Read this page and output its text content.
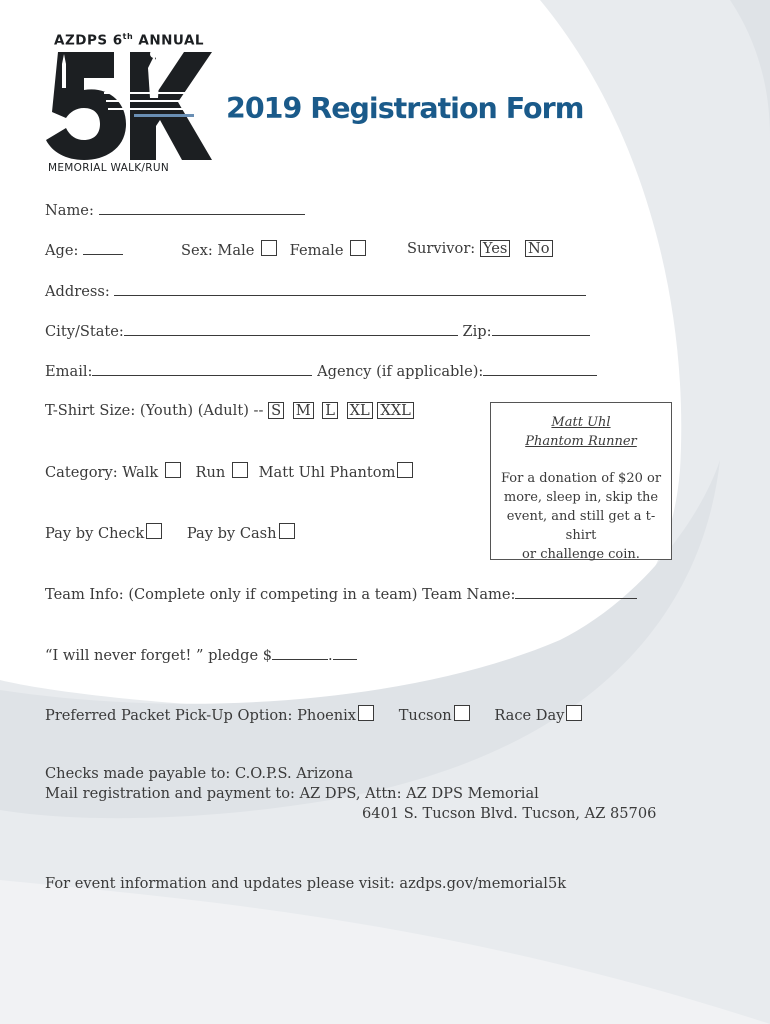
AZDPS 6th ANNUAL
MEMORIAL WALK/RUN
2019 Registration Form
Name:
Age:	Sex: Male Female	Survivor: Yes No
Address:
City/State:	Zip:
Email:	Agency (if applicable):
T-Shirt Size: (Youth) (Adult) -- S M L XL XXL
Category: Walk	Run Matt Uhl Phantom
Pay by Check	Pay by Cash
Matt Uhl
Phantom Runner
For a donation of $20 or
more, sleep in, skip the
event, and still get a t-shirt
or challenge coin.
Team Info: (Complete only if competing in a team) Team Name:
“I will never forget! ” pledge $	.
Preferred Packet Pick-Up Option: Phoenix	Tucson	Race Day
Checks made payable to: C.O.P.S. Arizona
Mail registration and payment to: AZ DPS, Attn: AZ DPS Memorial
6401 S. Tucson Blvd. Tucson, AZ 85706
For event information and updates please visit: azdps.gov/memorial5k
